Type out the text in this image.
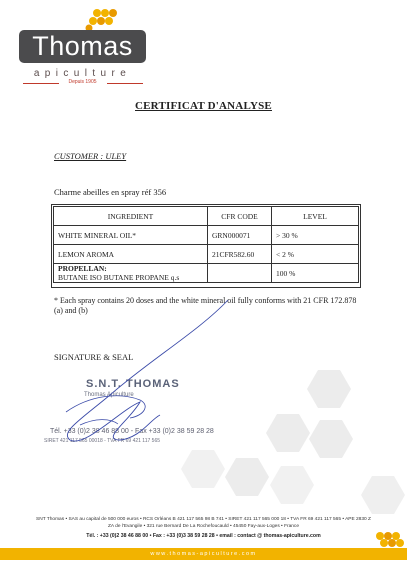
Thomas
apiculture
Depuis 1905
CERTIFICAT D'ANALYSE
CUSTOMER : ULEY
Charme abeilles en spray réf 356
INGREDIENT	CFR CODE	LEVEL
WHITE MINERAL OIL*	GRN000071	> 30 %
LEMON AROMA	21CFR582.60	< 2 %

PROPELLAN:
BUTANE ISO BUTANE PROPANE q.s		100 %
* Each spray contains 20 doses and the white mineral oil fully conforms with 21 CFR 172.878 (a) and (b)
SIGNATURE & SEAL
S.N.T. THOMAS
Thomas Apiculture
Tél. +33 (0)2 38 46 88 00 - Fax +33 (0)2 38 59 28 28
SIRET 421 117 565 00018 - TVA FR 69 421 117 565
SNT Thomas • SAS au capital de 500 000 euros • RCS Orléans B 421 117 565 98 B 741 • SIRET 421 117 565 000 18 • TVA FR 69 421 117 565 • APE 2830 Z
ZA de l'Evangile • 321 rue Bernard De La Rochefoucauld • 45450 Fay-aux-Loges • France
Tél. : +33 (0)2 38 46 88 00 • Fax : +33 (0)3 38 59 28 28 • email : contact @ thomas-apiculture.com
www.thomas-apiculture.com
